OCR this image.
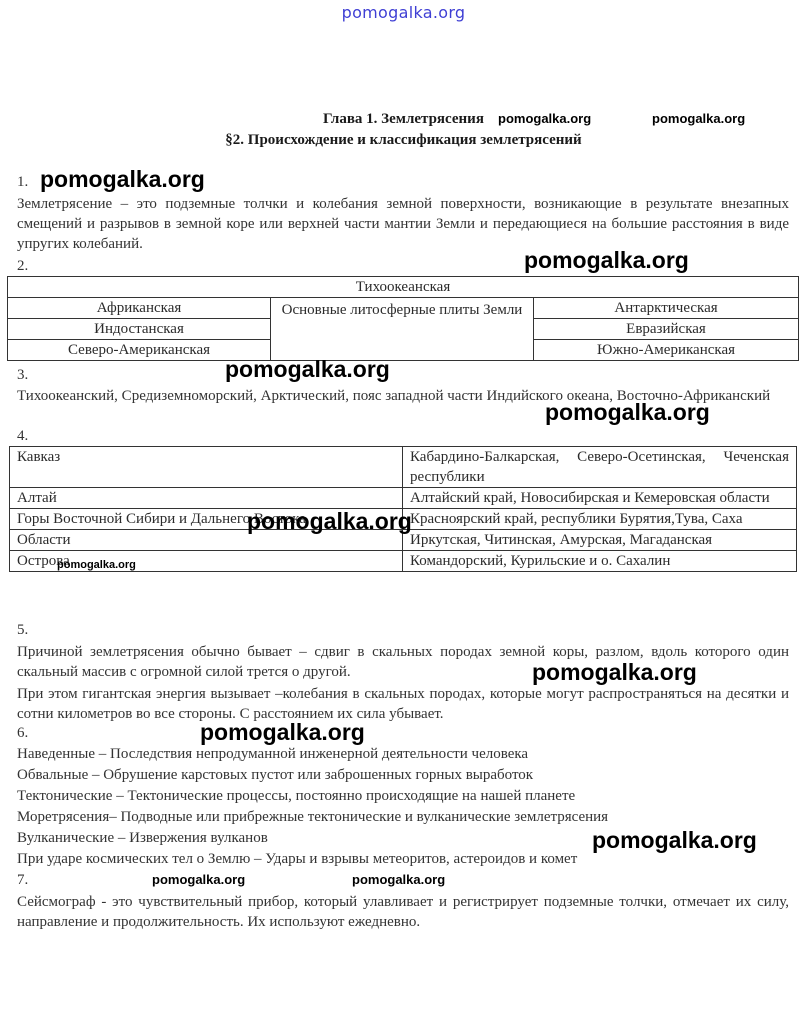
pomogalka.org
Глава 1. Землетрясения
§2. Происхождение и классификация землетрясений
1.

Землетрясение – это подземные толчки и колебания земной поверхности, возникающие в результате внезапных смещений и разрывов в земной коре или верхней части мантии Земли и передающиеся на большие расстояния в виде упругих колебаний.

2.
Тихоокеанская		
Африканская	Основные литосферные плиты Земли	Антарктическая
Индостанская		Евразийская
Северо-Американская		Южно-Американская
3.

Тихоокеанский, Средиземноморский, Арктический, пояс западной части Индийского океана, Восточно-Африканский

4.
Кавказ	Кабардино-Балкарская, Северо-Осетинская, Чеченская республики
Алтай	Алтайский край, Новосибирская и Кемеровская области
Горы Восточной Сибири и Дальнего Востока	Красноярский край, республики Бурятия,Тува, Саха
Области	Иркутская, Читинская, Амурская, Магаданская
Острова	Командорский, Курильские и о. Сахалин
5.

Причиной землетрясения обычно бывает – сдвиг в скальных породах земной коры, разлом, вдоль которого один скальный массив с огромной силой трется о другой.

При этом гигантская энергия вызывает –колебания в скальных породах, которые могут распространяться на десятки и сотни километров во все стороны. С расстоянием их сила убывает.

6.
Наведенные – Последствия непродуманной инженерной деятельности человека
Обвальные – Обрушение карстовых пустот или заброшенных горных выработок
Тектонические – Тектонические процессы, постоянно происходящие на нашей планете
Моретрясения– Подводные или прибрежные тектонические и вулканические землетрясения
Вулканические – Извержения вулканов
При ударе космических тел о Землю – Удары и взрывы метеоритов, астероидов и комет
7.

Сейсмограф - это чувствительный прибор, который улавливает и регистрирует подземные толчки, отмечает их силу, направление и продолжительность. Их используют ежедневно.

pomogalka.org	pomogalka.org
pomogalka.org
pomogalka.org
pomogalka.org
pomogalka.org
pomogalka.org
pomogalka.org
pomogalka.org
pomogalka.org
pomogalka.org
pomogalka.org	pomogalka.org
